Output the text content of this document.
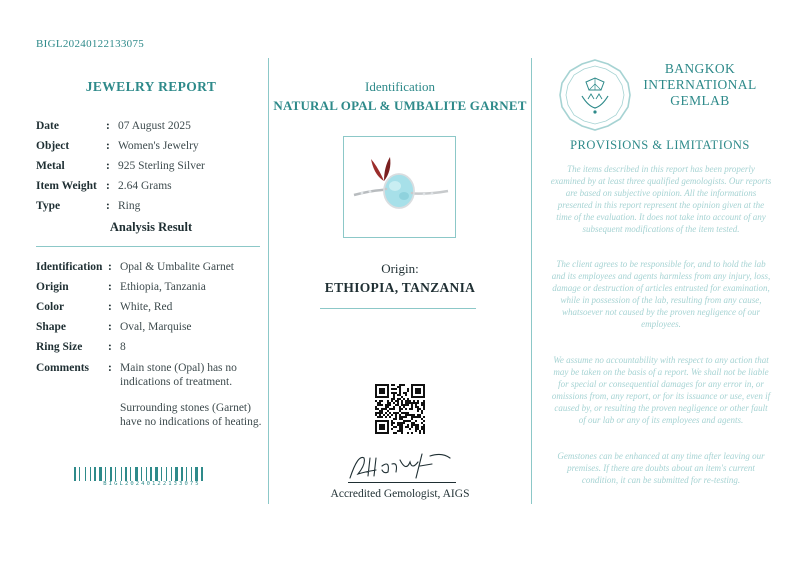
BIGL20240122133075
JEWELRY REPORT
Date	: 07 August 2025
Object	: Women's Jewelry
Metal	: 925 Sterling Silver
Item Weight : 2.64 Grams
Type	: Ring
Analysis Result
Identification : Opal & Umbalite Garnet
Origin	: Ethiopia, Tanzania
Color	: White, Red
Shape	: Oval, Marquise
Ring Size	: 8
Comments	: Main stone (Opal) has no indications of treatment.
Surrounding stones (Garnet) have no indications of heating.
BIGL20240122133075
Identification
NATURAL OPAL & UMBALITE GARNET
Origin:
ETHIOPIA, TANZANIA
Accredited Gemologist, AIGS
BANGKOK
INTERNATIONAL
GEMLAB
PROVISIONS & LIMITATIONS
The items described in this report has been properly examined by at least three qualified gemologists. Our reports are based on subjective opinion. All the informations presented in this report represent the opinion given at the time of the evaluation. It does not take into account of any subsequent modifications of the item tested.
The client agrees to be responsible for, and to hold the lab and its employees and agents harmless from any injury, loss, damage or destruction of articles entrusted for examination, while in possession of the lab, resulting from any cause, whatsoever not caused by the proven negligence of our employees.
We assume no accountability with respect to any action that may be taken on the basis of a report. We shall not be liable for special or consequential damages for any error in, or omissions from, any report, or for its issuance or use, even if caused by, or resulting the proven negligence or other fault of our lab or any of its employees and agents.
Gemstones can be enhanced at any time after leaving our premises. If there are doubts about an item's current condition, it can be submitted for re-testing.
